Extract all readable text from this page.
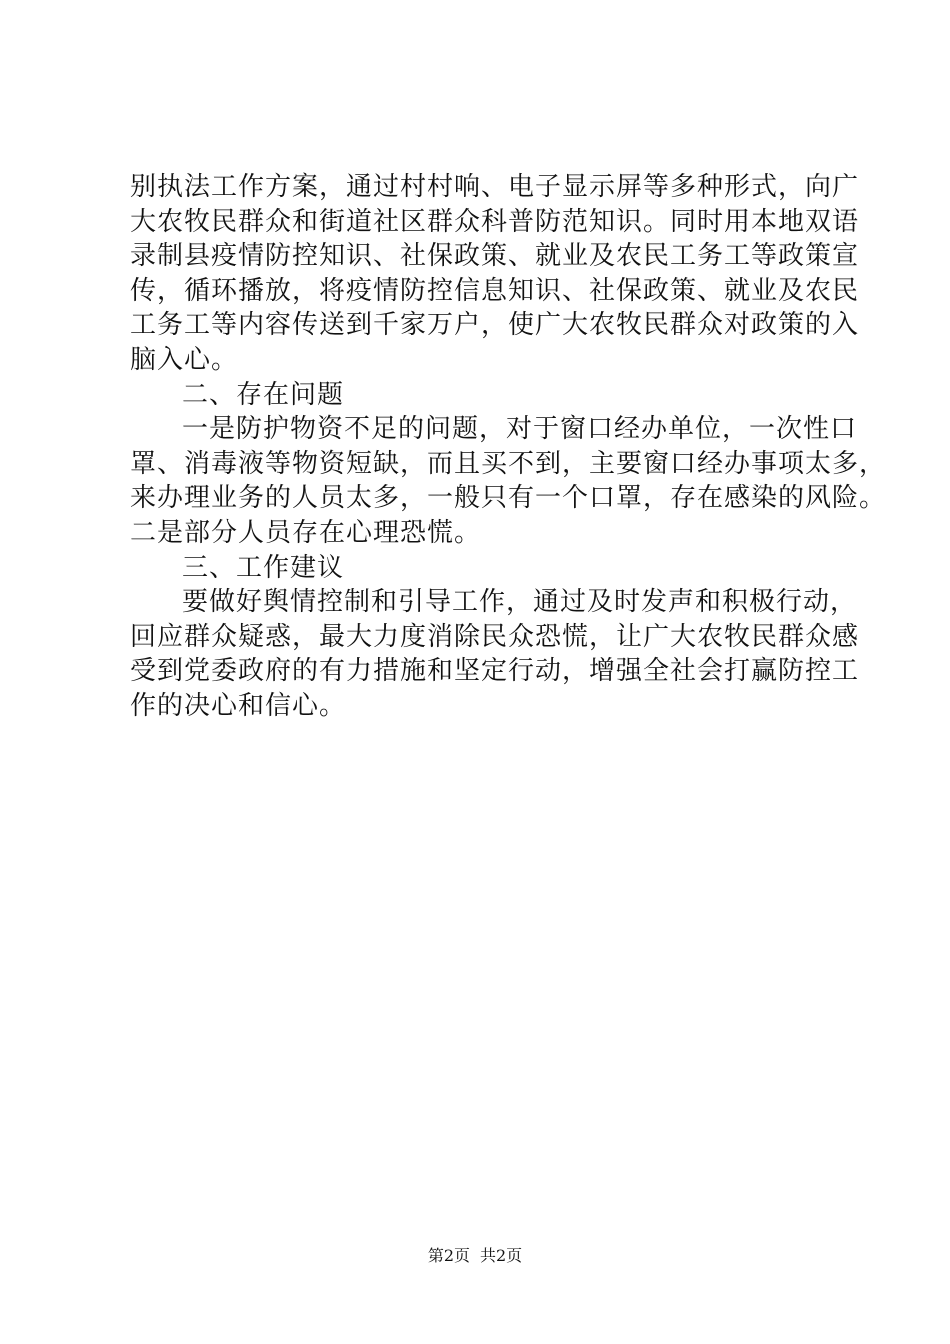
别执法工作方案，通过村村响、电子显示屏等多种形式，向广
大农牧民群众和街道社区群众科普防范知识。同时用本地双语
录制县疫情防控知识、社保政策、就业及农民工务工等政策宣
传，循环播放，将疫情防控信息知识、社保政策、就业及农民
工务工等内容传送到千家万户，使广大农牧民群众对政策的入
脑入心。
二、存在问题
一是防护物资不足的问题，对于窗口经办单位，一次性口
罩、消毒液等物资短缺，而且买不到，主要窗口经办事项太多，
来办理业务的人员太多，一般只有一个口罩，存在感染的风险。
二是部分人员存在心理恐慌。
三、工作建议
要做好舆情控制和引导工作，通过及时发声和积极行动，
回应群众疑惑，最大力度消除民众恐慌，让广大农牧民群众感
受到党委政府的有力措施和坚定行动，增强全社会打赢防控工
作的决心和信心。
第2页 共2页
